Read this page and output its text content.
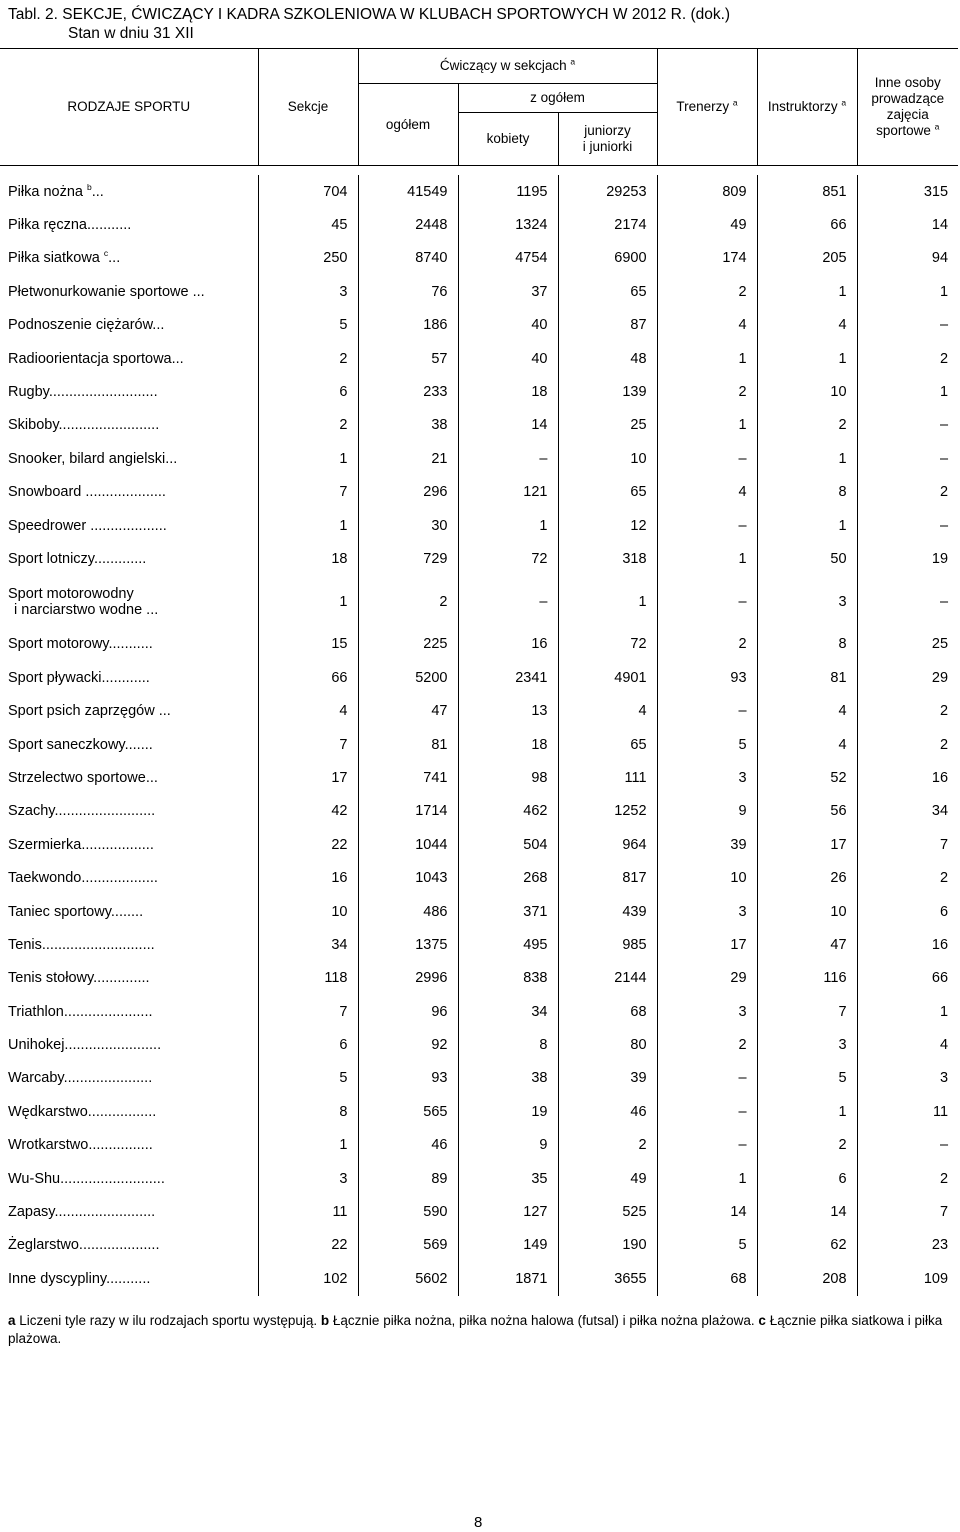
Tabl. 2. SEKCJE, ĆWICZĄCY I KADRA SZKOLENIOWA W KLUBACH SPORTOWYCH W 2012 R. (dok.)
Stan w dniu 31 XII
RODZAJE SPORTU	Sekcje	Ćwiczący w sekcjach $^a$			Trenerzy $^a$	Instruktorzy $^a$	Inne osoby
prowadzące
zajęcia
sportowe $^a$

		ogółem	z ogółem				
			kobiety	juniorzy
i juniorki			

Piłka nożna $^b$...	704	41549	1195	29253	809	851	315
Piłka ręczna...........	45	2448	1324	2174	49	66	14
Piłka siatkowa $^c$...	250	8740	4754	6900	174	205	94
Płetwonurkowanie sportowe ...	3	76	37	65	2	1	1
Podnoszenie ciężarów...	5	186	40	87	4	4	–
Radioorientacja sportowa...	2	57	40	48	1	1	2
Rugby...........................	6	233	18	139	2	10	1
Skiboby.........................	2	38	14	25	1	2	–
Snooker, bilard angielski...	1	21	–	10	–	1	–
Snowboard ....................	7	296	121	65	4	8	2
Speedrower ...................	1	30	1	12	–	1	–
Sport lotniczy.............	18	729	72	318	1	50	19

Sport motorowodny
i narciarstwo wodne ...	1	2	–	1	–	3	–
Sport motorowy...........	15	225	16	72	2	8	25
Sport pływacki............	66	5200	2341	4901	93	81	29
Sport psich zaprzęgów ...	4	47	13	4	–	4	2
Sport saneczkowy.......	7	81	18	65	5	4	2
Strzelectwo sportowe...	17	741	98	111	3	52	16
Szachy.........................	42	1714	462	1252	9	56	34
Szermierka..................	22	1044	504	964	39	17	7
Taekwondo...................	16	1043	268	817	10	26	2
Taniec sportowy........	10	486	371	439	3	10	6
Tenis............................	34	1375	495	985	17	47	16
Tenis stołowy..............	118	2996	838	2144	29	116	66
Triathlon......................	7	96	34	68	3	7	1
Unihokej........................	6	92	8	80	2	3	4
Warcaby......................	5	93	38	39	–	5	3
Wędkarstwo.................	8	565	19	46	–	1	11
Wrotkarstwo................	1	46	9	2	–	2	–
Wu-Shu..........................	3	89	35	49	1	6	2
Zapasy.........................	11	590	127	525	14	14	7
Żeglarstwo....................	22	569	149	190	5	62	23
Inne dyscypliny...........	102	5602	1871	3655	68	208	109
a Liczeni tyle razy w ilu rodzajach sportu występują. b Łącznie piłka nożna, piłka nożna halowa (futsal) i piłka nożna plażowa. c Łącznie piłka siatkowa i piłka plażowa.
8
